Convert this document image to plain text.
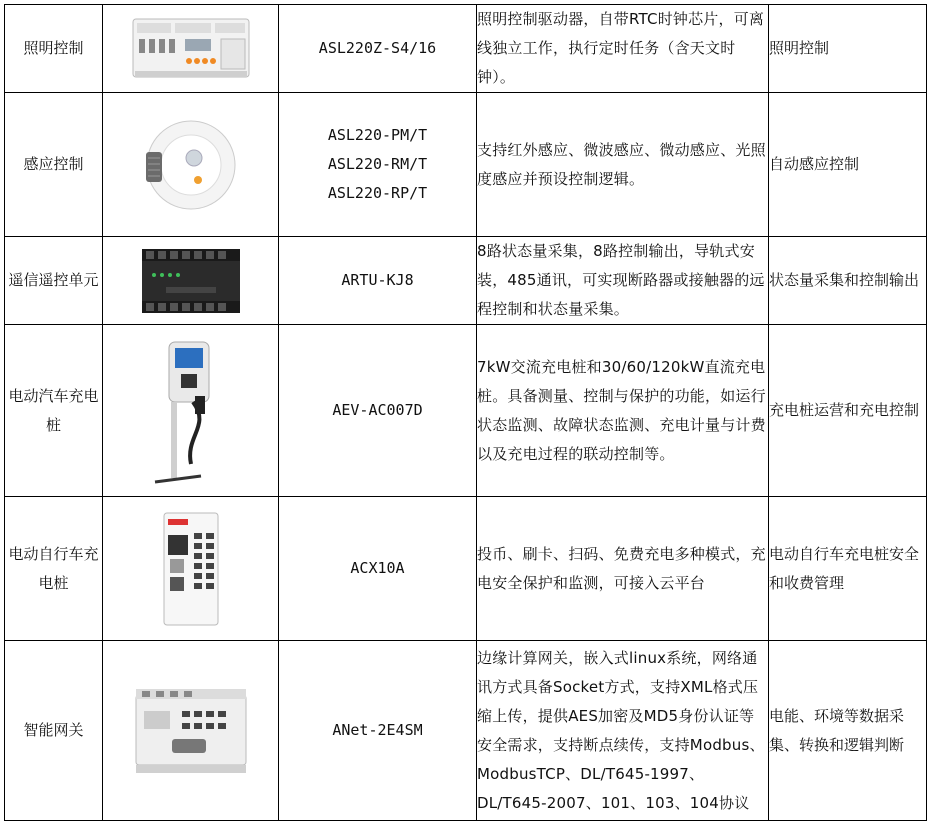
照明控制		ASL220Z-S4/16	照明控制驱动器，自带RTC时钟芯片，可离线独立工作，执行定时任务（含天文时钟）。	照明控制
感应控制		ASL220-PM/T
ASL220-RM/T
ASL220-RP/T	支持红外感应、微波感应、微动感应、光照度感应并预设控制逻辑。	自动感应控制
遥信遥控单元		ARTU-KJ8	8路状态量采集，8路控制输出，导轨式安装，485通讯，可实现断路器或接触器的远程控制和状态量采集。	状态量采集和控制输出
电动汽车充电桩		AEV-AC007D	7kW交流充电桩和30/60/120kW直流充电桩。具备测量、控制与保护的功能，如运行状态监测、故障状态监测、充电计量与计费以及充电过程的联动控制等。	充电桩运营和充电控制
电动自行车充电桩		ACX10A	投币、刷卡、扫码、免费充电多种模式，充电安全保护和监测，可接入云平台	电动自行车充电桩安全和收费管理
智能网关		ANet-2E4SM	边缘计算网关，嵌入式linux系统，网络通讯方式具备Socket方式，支持XML格式压缩上传，提供AES加密及MD5身份认证等安全需求，支持断点续传，支持Modbus、ModbusTCP、DL/T645-1997、DL/T645-2007、101、103、104协议	电能、环境等数据采集、转换和逻辑判断
